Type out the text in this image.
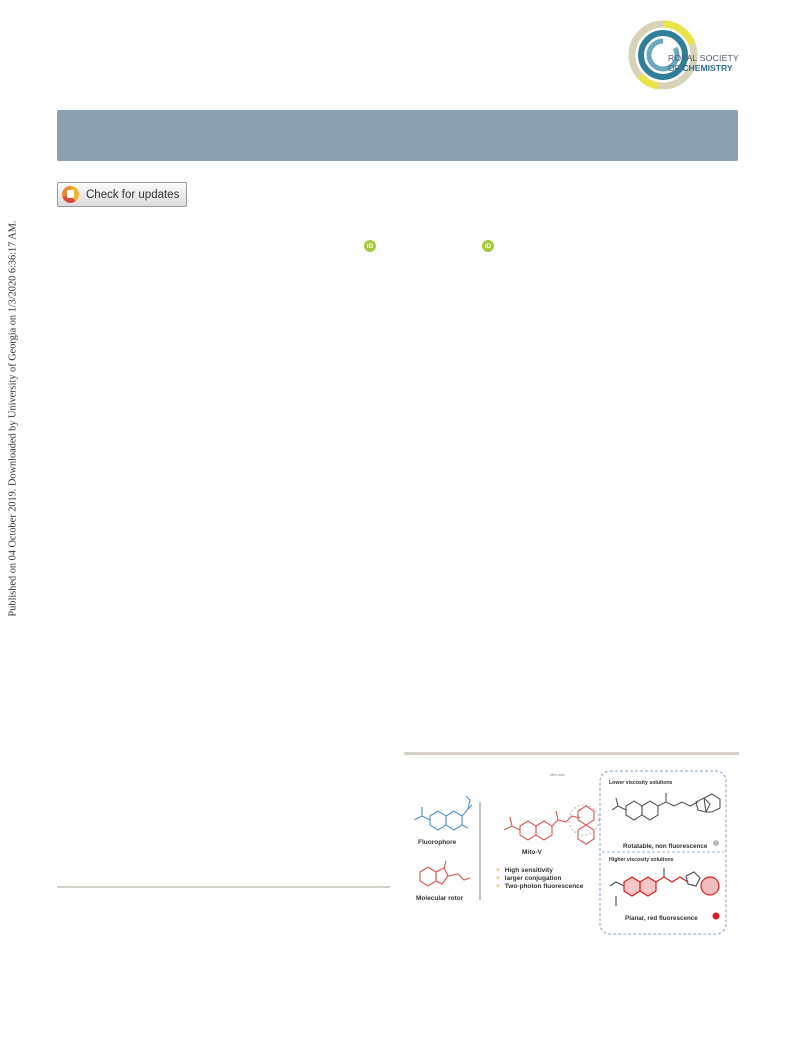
Published on 04 October 2019. Downloaded by University of Georgia on 1/3/2020 6:36:17 AM.
ROYAL SOCIETY
OF CHEMISTRY
Check for updates
iD	iD
Fluorophore
Molecular rotor
Mito-V
Mito site
+ High sensitivity
+ larger conjugation
+ Two-photon fluorescence
Lower viscosity solutions
Rotatable, non fluorescence
Higher viscosity solutions
Planar, red fluorescence
